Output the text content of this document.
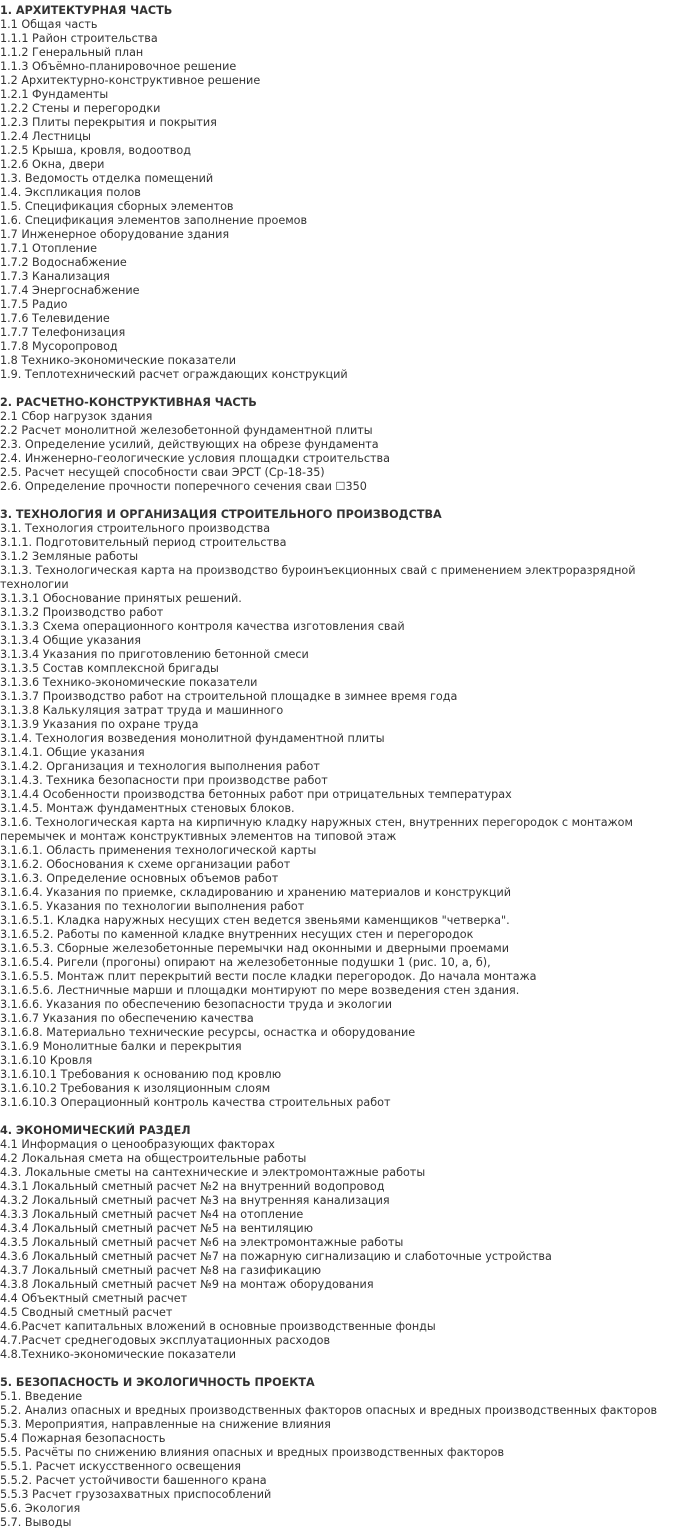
1. АРХИТЕКТУРНАЯ ЧАСТЬ
1.1 Общая часть
1.1.1 Район строительства
1.1.2 Генеральный план
1.1.3 Объёмно-планировочное решение
1.2 Архитектурно-конструктивное решение
1.2.1 Фундаменты
1.2.2 Стены и перегородки
1.2.3 Плиты перекрытия и покрытия
1.2.4 Лестницы
1.2.5 Крыша, кровля, водоотвод
1.2.6 Окна, двери
1.3. Ведомость отделка помещений
1.4. Экспликация полов
1.5. Спецификация сборных элементов
1.6. Спецификация элементов заполнение проемов
1.7 Инженерное оборудование здания
1.7.1 Отопление
1.7.2 Водоснабжение
1.7.3 Канализация
1.7.4 Энергоснабжение
1.7.5 Радио
1.7.6 Телевидение
1.7.7 Телефонизация
1.7.8 Мусоропровод
1.8 Технико-экономические показатели
1.9. Теплотехнический расчет ограждающих конструкций
2. РАСЧЕТНО-КОНСТРУКТИВНАЯ ЧАСТЬ
2.1 Сбор нагрузок здания
2.2 Расчет монолитной железобетонной фундаментной плиты
2.3. Определение усилий, действующих на обрезе фундамента
2.4. Инженерно-геологические условия площадки строительства
2.5. Расчет несущей способности сваи ЭРСТ (Ср-18-35)
2.6. Определение прочности поперечного сечения сваи ☐350
3. ТЕХНОЛОГИЯ И ОРГАНИЗАЦИЯ СТРОИТЕЛЬНОГО ПРОИЗВОДСТВА
3.1. Технология строительного производства
3.1.1. Подготовительный период строительства
3.1.2 Земляные работы
3.1.3. Технологическая карта на производство буроинъекционных свай с применением электроразрядной технологии
3.1.3.1 Обоснование принятых решений.
3.1.3.2 Производство работ
3.1.3.3 Схема операционного контроля качества изготовления свай
3.1.3.4 Общие указания
3.1.3.4 Указания по приготовлению бетонной смеси
3.1.3.5 Состав комплексной бригады
3.1.3.6 Технико-экономические показатели
3.1.3.7 Производство работ на строительной площадке в зимнее время года
3.1.3.8 Калькуляция затрат труда и машинного
3.1.3.9 Указания по охране труда
3.1.4. Технология возведения монолитной фундаментной плиты
3.1.4.1. Общие указания
3.1.4.2. Организация и технология выполнения работ
3.1.4.3. Техника безопасности при производстве работ
3.1.4.4 Особенности производства бетонных работ при отрицательных температурах
3.1.4.5. Монтаж фундаментных стеновых блоков.
3.1.6. Технологическая карта на кирпичную кладку наружных стен, внутренних перегородок с монтажом перемычек и монтаж конструктивных элементов на типовой этаж
3.1.6.1. Область применения технологической карты
3.1.6.2. Обоснования к схеме организации работ
3.1.6.3. Определение основных объемов работ
3.1.6.4. Указания по приемке, складированию и хранению материалов и конструкций
3.1.6.5. Указания по технологии выполнения работ
3.1.6.5.1. Кладка наружных несущих стен ведется звеньями каменщиков "четверка".
3.1.6.5.2. Работы по каменной кладке внутренних несущих стен и перегородок
3.1.6.5.3. Сборные железобетонные перемычки над оконными и дверными проемами
3.1.6.5.4. Ригели (прогоны) опирают на железобетонные подушки 1 (рис. 10, а, б),
3.1.6.5.5. Монтаж плит перекрытий вести после кладки перегородок. До начала монтажа
3.1.6.5.6. Лестничные марши и площадки монтируют по мере возведения стен здания.
3.1.6.6. Указания по обеспечению безопасности труда и экологии
3.1.6.7 Указания по обеспечению качества
3.1.6.8. Материально технические ресурсы, оснастка и оборудование
3.1.6.9 Монолитные балки и перекрытия
3.1.6.10 Кровля
3.1.6.10.1 Требования к основанию под кровлю
3.1.6.10.2 Требования к изоляционным слоям
3.1.6.10.3 Операционный контроль качества строительных работ
4. ЭКОНОМИЧЕСКИЙ РАЗДЕЛ
4.1 Информация о ценообразующих факторах
4.2 Локальная смета на общестроительные работы
4.3. Локальные сметы на сантехнические и электромонтажные работы
4.3.1 Локальный сметный расчет №2 на внутренний водопровод
4.3.2 Локальный сметный расчет №3 на внутренняя канализация
4.3.3 Локальный сметный расчет №4 на отопление
4.3.4 Локальный сметный расчет №5 на вентиляцию
4.3.5 Локальный сметный расчет №6 на электромонтажные работы
4.3.6 Локальный сметный расчет №7 на пожарную сигнализацию и слаботочные устройства
4.3.7 Локальный сметный расчет №8 на газификацию
4.3.8 Локальный сметный расчет №9 на монтаж оборудования
4.4 Объектный сметный расчет
4.5 Сводный сметный расчет
4.6.Расчет капитальных вложений в основные производственные фонды
4.7.Расчет среднегодовых эксплуатационных расходов
4.8.Технико-экономические показатели
5. БЕЗОПАСНОСТЬ И ЭКОЛОГИЧНОСТЬ ПРОЕКТА
5.1. Введение
5.2. Анализ опасных и вредных производственных факторов опасных и вредных производственных факторов
5.3. Мероприятия, направленные на снижение влияния
5.4 Пожарная безопасность
5.5. Расчёты по снижению влияния опасных и вредных производственных факторов
5.5.1. Расчет искусственного освещения
5.5.2. Расчет устойчивости башенного крана
5.5.3 Расчет грузозахватных приспособлений
5.6. Экология
5.7. Выводы
